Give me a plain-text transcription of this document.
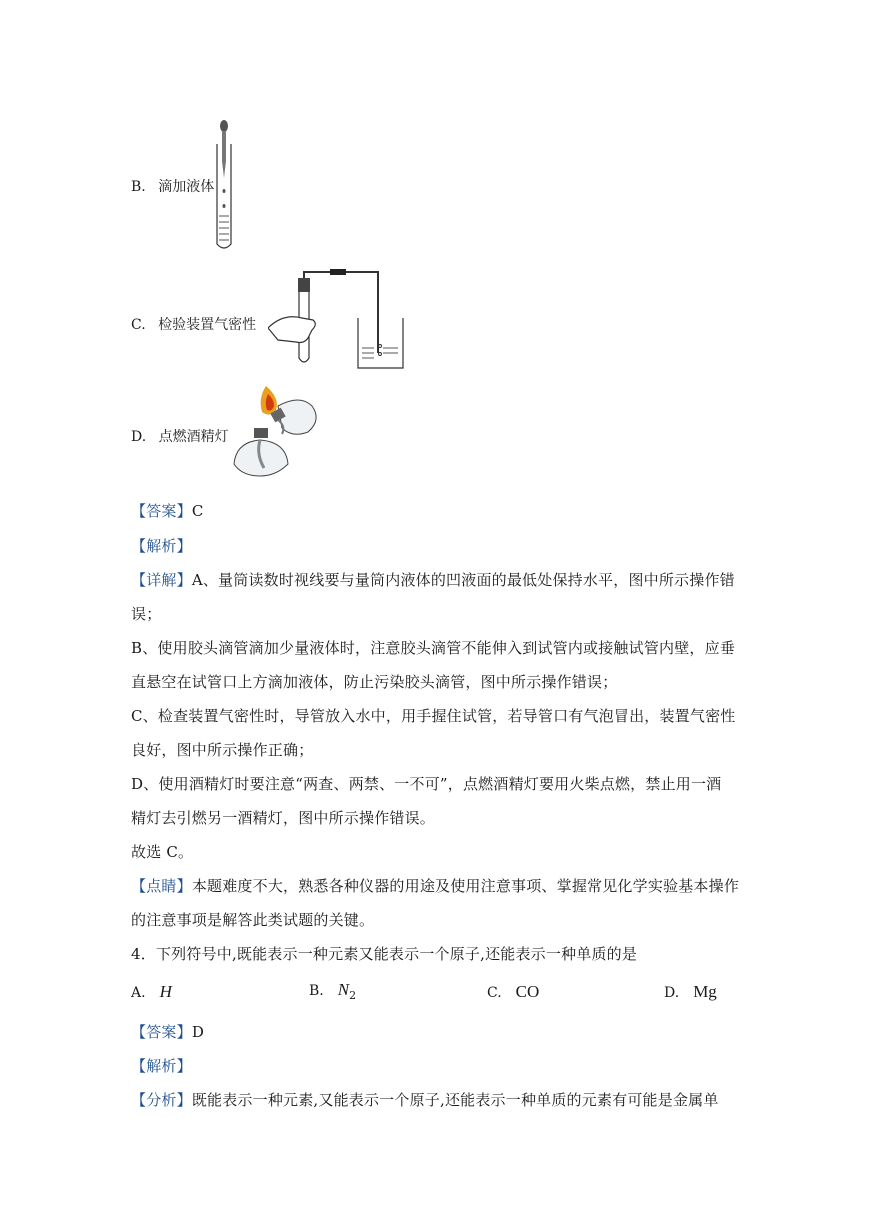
B. 滴加液体
C. 检验装置气密性
D. 点燃酒精灯
【答案】C
【解析】
【详解】A、量筒读数时视线要与量筒内液体的凹液面的最低处保持水平，图中所示操作错
误；
B、使用胶头滴管滴加少量液体时，注意胶头滴管不能伸入到试管内或接触试管内壁，应垂
直悬空在试管口上方滴加液体，防止污染胶头滴管，图中所示操作错误；
C、检查装置气密性时，导管放入水中，用手握住试管，若导管口有气泡冒出，装置气密性
良好，图中所示操作正确；
D、使用酒精灯时要注意“两查、两禁、一不可”，点燃酒精灯要用火柴点燃，禁止用一酒
精灯去引燃另一酒精灯，图中所示操作错误。
故选 C。
【点睛】本题难度不大，熟悉各种仪器的用途及使用注意事项、掌握常见化学实验基本操作
的注意事项是解答此类试题的关键。
4．下列符号中,既能表示一种元素又能表示一个原子,还能表示一种单质的是
A. H	B. $N_2$	C. CO	D. Mg
【答案】D
【解析】
【分析】既能表示一种元素,又能表示一个原子,还能表示一种单质的元素有可能是金属单
